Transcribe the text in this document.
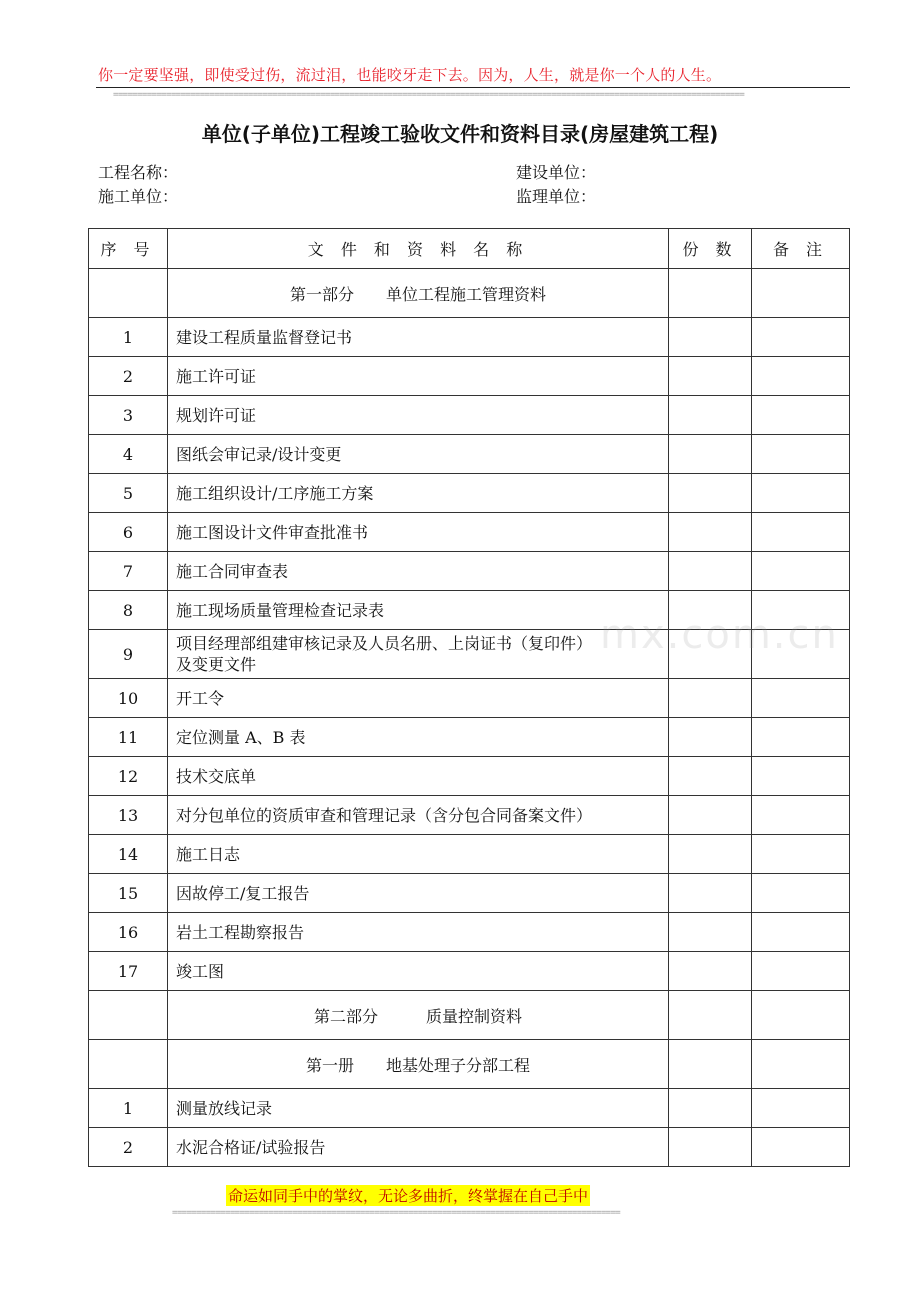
你一定要坚强，即使受过伤，流过泪，也能咬牙走下去。因为，人生，就是你一个人的人生。
===================================================================================================================================
单位(子单位)工程竣工验收文件和资料目录(房屋建筑工程)
工程名称：	建设单位：
施工单位：	监理单位：
序 号	文 件 和 资 料 名 称	份 数	备 注
	第一部分　　单位工程施工管理资料		
1	建设工程质量监督登记书		
2	施工许可证		
3	规划许可证		
4	图纸会审记录/设计变更		
5	施工组织设计/工序施工方案		
6	施工图设计文件审查批准书		
7	施工合同审查表		
8	施工现场质量管理检查记录表		
9	项目经理部组建审核记录及人员名册、上岗证书（复印件）
及变更文件		

10	开工令		
11	定位测量 A、B 表		
12	技术交底单		
13	对分包单位的资质审查和管理记录（含分包合同备案文件）		
14	施工日志		
15	因故停工/复工报告		
16	岩土工程勘察报告		
17	竣工图		
	第二部分　　　质量控制资料		
	第一册　　地基处理子分部工程		
1	测量放线记录		
2	水泥合格证/试验报告		
mx.com.cn
命运如同手中的掌纹，无论多曲折，终掌握在自己手中
=============================================================================================
